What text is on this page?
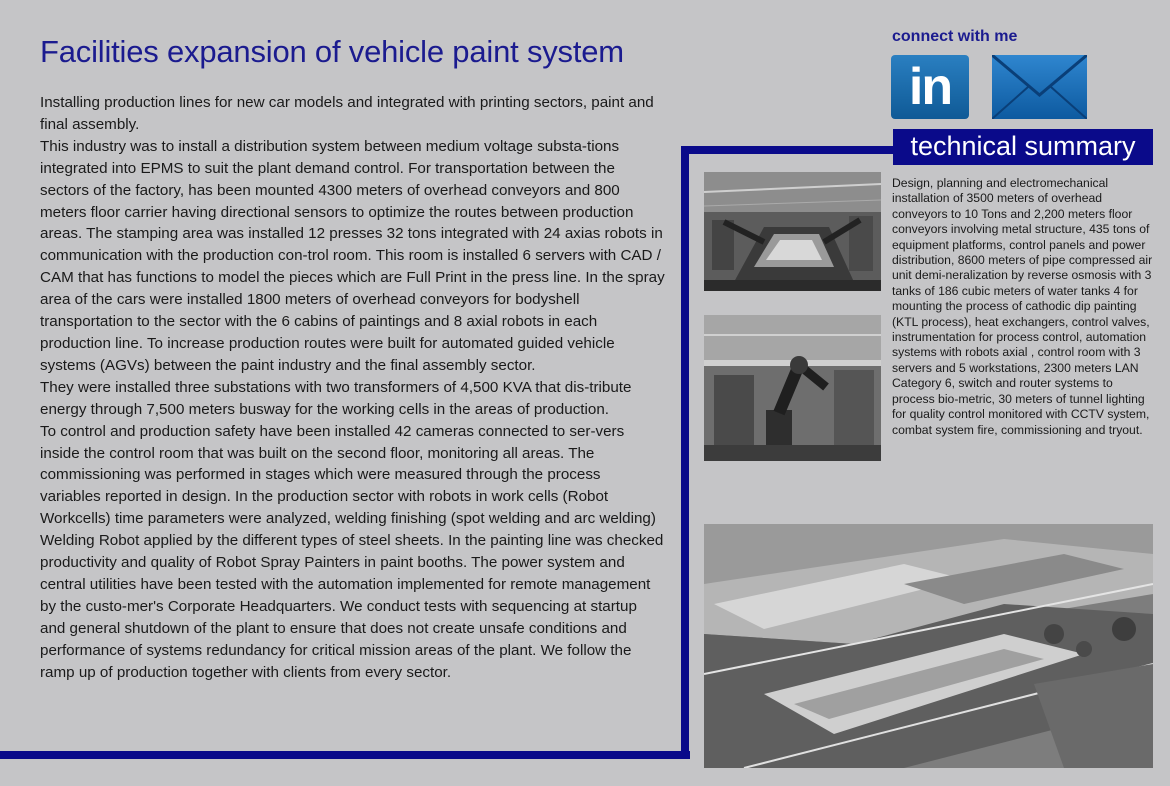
Facilities expansion of vehicle paint system

Installing production lines for new car models and integrated with printing sectors, paint and final assembly.

This industry was to install a distribution system between medium voltage substa-tions integrated into EPMS to suit the plant demand control. For transportation between the sectors of the factory, has been mounted 4300 meters of overhead conveyors and 800 meters floor carrier having directional sensors to optimize the routes between production areas. The stamping area was installed 12 presses 32 tons integrated with 24 axias robots in communication with the production con-trol room. This room is installed 6 servers with CAD / CAM that has functions to model the pieces which are Full Print in the press line. In the spray area of the cars were installed 1800 meters of overhead conveyors for bodyshell transportation to the sector with the 6 cabins of paintings and 8 axial robots in each production line. To increase production routes were built for automated guided vehicle systems (AGVs) between the paint industry and the final assembly sector.

They were installed three substations with two transformers of 4,500 KVA that dis-tribute energy through 7,500 meters busway for the working cells in the areas of production.

To control and production safety have been installed 42 cameras connected to ser-vers inside the control room that was built on the second floor, monitoring all areas. The commissioning was performed in stages which were measured through the process variables reported in design. In the production sector with robots in work cells (Robot Workcells) time parameters were analyzed, welding finishing (spot welding and arc welding) Welding Robot applied by the different types of steel sheets. In the painting line was checked productivity and quality of Robot Spray Painters in paint booths. The power system and central utilities have been tested with the automation implemented for remote management by the custo-mer's Corporate Headquarters. We conduct tests with sequencing at startup and general shutdown of the plant to ensure that does not create unsafe conditions and performance of systems redundancy for critical mission areas of the plant. We follow the ramp up of production together with clients from every sector.

connect with me
in
technical summary
Design, planning and electromechanical installation of 3500 meters of overhead conveyors to 10 Tons and 2,200 meters floor conveyors involving metal structure, 435 tons of equipment platforms, control panels and power distribution, 8600 meters of pipe compressed air unit demi-neralization by reverse osmosis with 3 tanks of 186 cubic meters of water tanks 4 for mounting the process of cathodic dip painting (KTL process), heat exchangers, control valves, instrumentation for process control, automation systems with robots axial , control room with 3 servers and 5 workstations, 2300 meters LAN Category 6, switch and router systems to process bio-metric, 30 meters of tunnel lighting for quality control monitored with CCTV system, combat system fire, commissioning and tryout.
